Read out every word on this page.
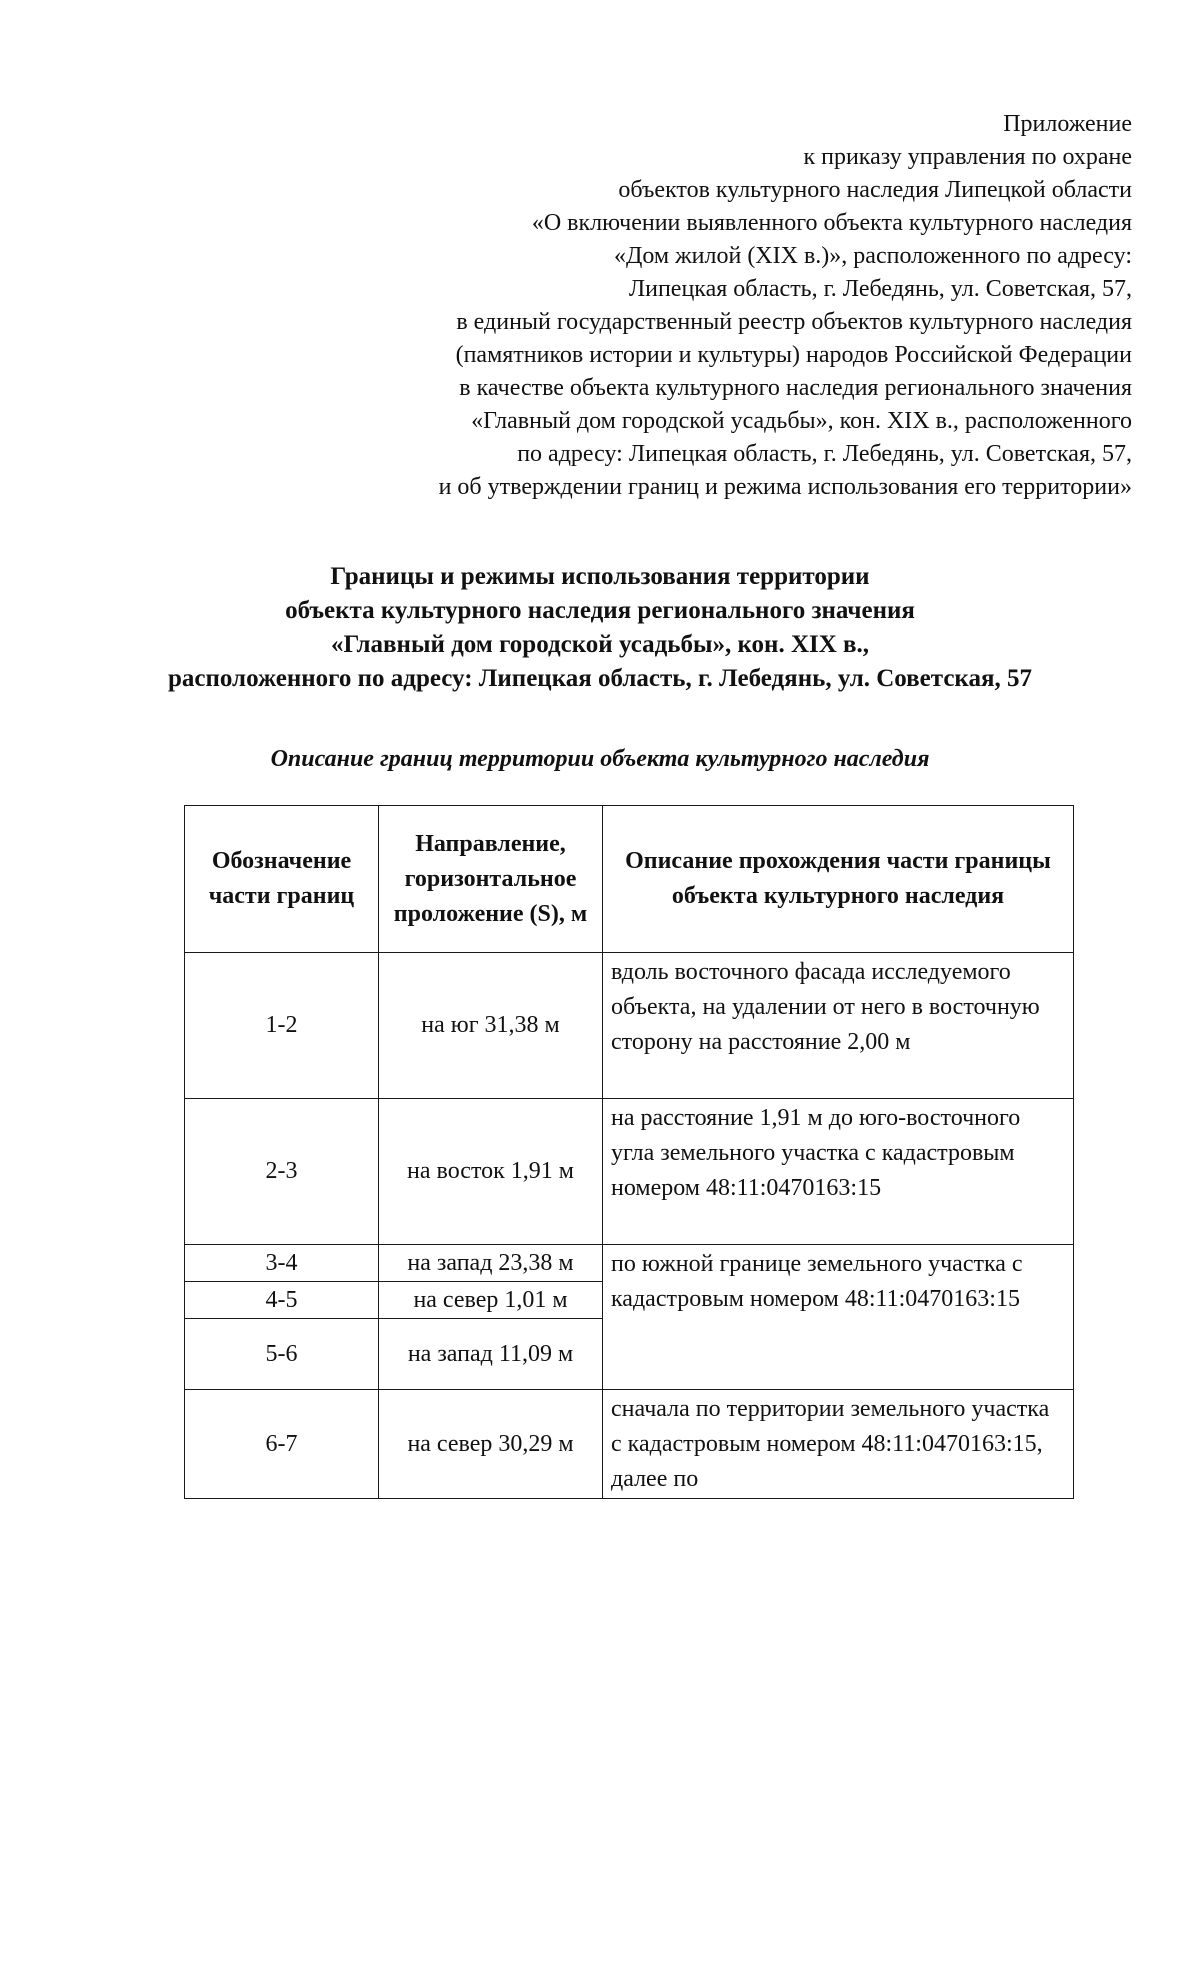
Приложение
к приказу управления по охране
объектов культурного наследия Липецкой области
«О включении выявленного объекта культурного наследия
«Дом жилой (XIX в.)», расположенного по адресу:
Липецкая область, г. Лебедянь, ул. Советская, 57,
в единый государственный реестр объектов культурного наследия
(памятников истории и культуры) народов Российской Федерации
в качестве объекта культурного наследия регионального значения
«Главный дом городской усадьбы», кон. XIX в., расположенного
по адресу: Липецкая область, г. Лебедянь, ул. Советская, 57,
и об утверждении границ и режима использования его территории»
Границы и режимы использования территории
объекта культурного наследия регионального значения
«Главный дом городской усадьбы», кон. XIX в.,
расположенного по адресу: Липецкая область, г. Лебедянь, ул. Советская, 57
Описание границ территории объекта культурного наследия
Обозначение части границ	Направление, горизонтальное проложение (S), м	Описание прохождения части границы объекта культурного наследия
1-2	на юг 31,38 м	вдоль восточного фасада исследуемого объекта, на удалении от него в восточную сторону на расстояние 2,00 м
2-3	на восток 1,91 м	на расстояние 1,91 м до юго-восточного угла земельного участка с кадастровым номером 48:11:0470163:15
3-4	на запад 23,38 м	по южной границе земельного участка с кадастровым номером 48:11:0470163:15
4-5	на север 1,01 м	
5-6	на запад 11,09 м	
6-7	на север 30,29 м	сначала по территории земельного участка с кадастровым номером 48:11:0470163:15, далее по
